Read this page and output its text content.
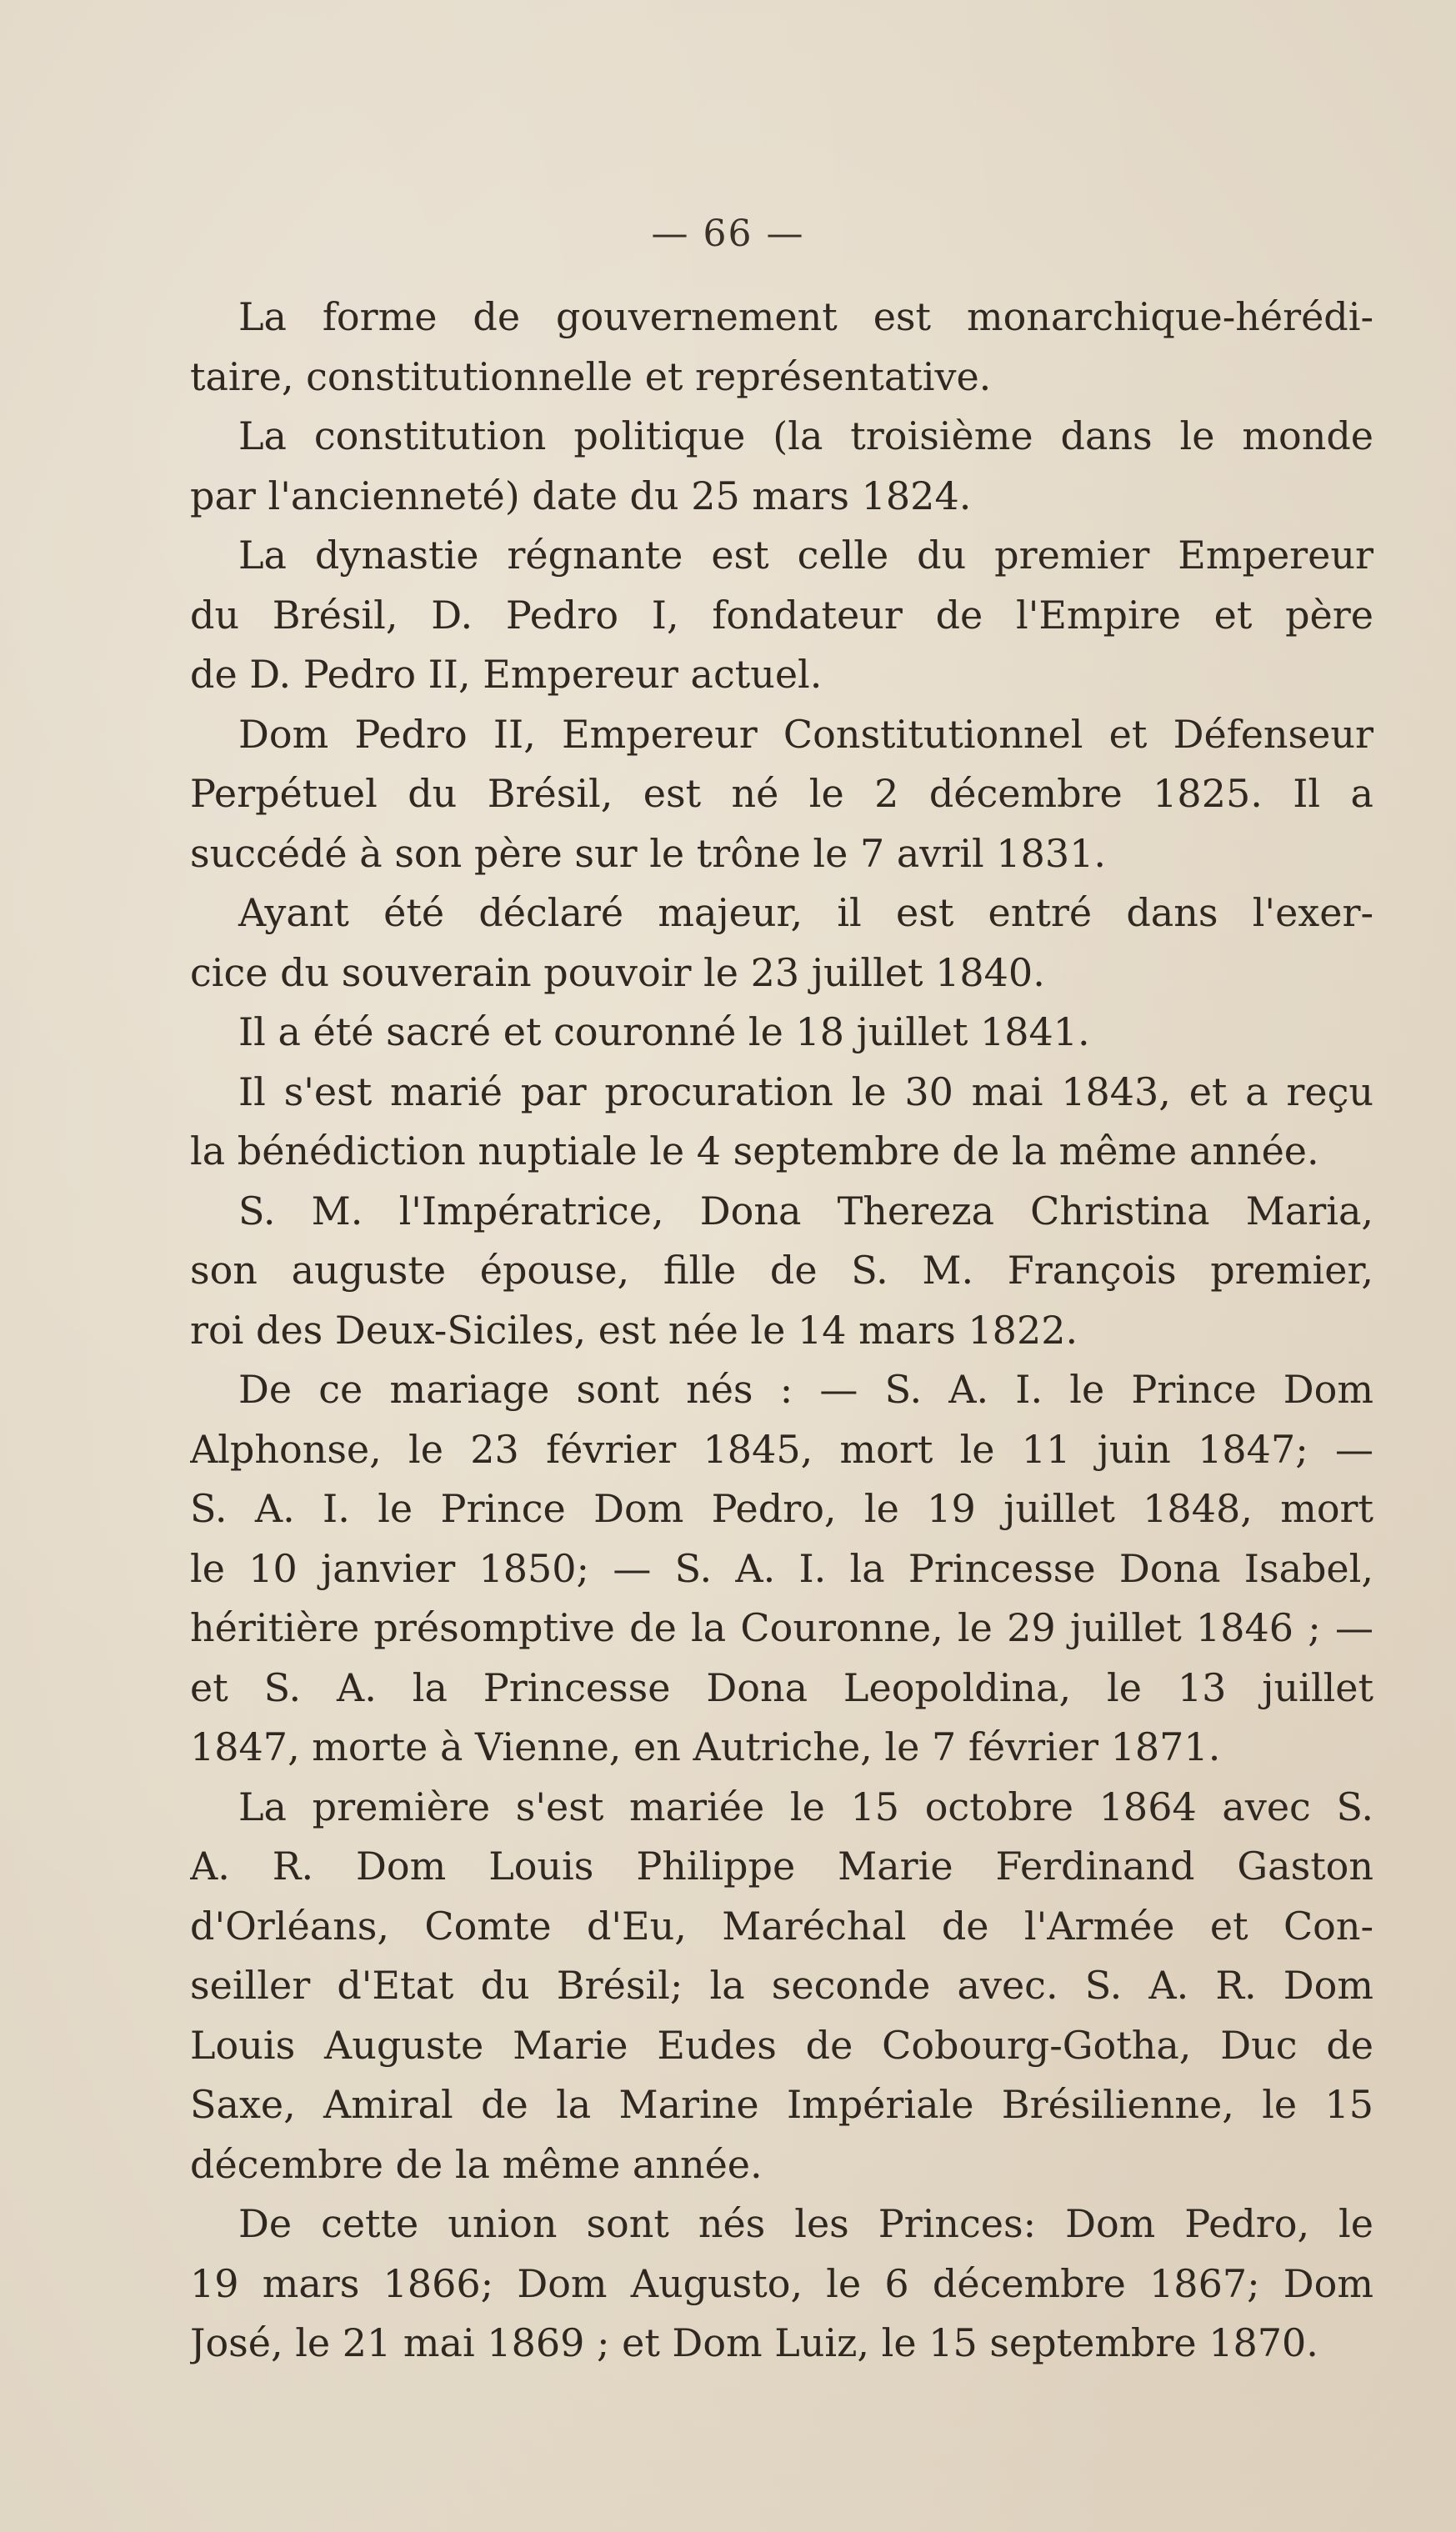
— 66 —
La forme de gouvernement est monarchique-hérédi-
taire, constitutionnelle et représentative.
La constitution politique (la troisième dans le monde
par l'ancienneté) date du 25 mars 1824.
La dynastie régnante est celle du premier Empereur
du Brésil, D. Pedro I, fondateur de l'Empire et père
de D. Pedro II, Empereur actuel.
Dom Pedro II, Empereur Constitutionnel et Défenseur
Perpétuel du Brésil, est né le 2 décembre 1825. Il a
succédé à son père sur le trône le 7 avril 1831.
Ayant été déclaré majeur, il est entré dans l'exer-
cice du souverain pouvoir le 23 juillet 1840.
Il a été sacré et couronné le 18 juillet 1841.
Il s'est marié par procuration le 30 mai 1843, et a reçu
la bénédiction nuptiale le 4 septembre de la même année.
S. M. l'Impératrice, Dona Thereza Christina Maria,
son auguste épouse, fille de S. M. François premier,
roi des Deux-Siciles, est née le 14 mars 1822.
De ce mariage sont nés : — S. A. I. le Prince Dom
Alphonse, le 23 février 1845, mort le 11 juin 1847; —
S. A. I. le Prince Dom Pedro, le 19 juillet 1848, mort
le 10 janvier 1850; — S. A. I. la Princesse Dona Isabel,
héritière présomptive de la Couronne, le 29 juillet 1846 ; —
et S. A. la Princesse Dona Leopoldina, le 13 juillet
1847, morte à Vienne, en Autriche, le 7 février 1871.
La première s'est mariée le 15 octobre 1864 avec S.
A. R. Dom Louis Philippe Marie Ferdinand Gaston
d'Orléans, Comte d'Eu, Maréchal de l'Armée et Con-
seiller d'Etat du Brésil; la seconde avec. S. A. R. Dom
Louis Auguste Marie Eudes de Cobourg-Gotha, Duc de
Saxe, Amiral de la Marine Impériale Brésilienne, le 15
décembre de la même année.
De cette union sont nés les Princes: Dom Pedro, le
19 mars 1866; Dom Augusto, le 6 décembre 1867; Dom
José, le 21 mai 1869 ; et Dom Luiz, le 15 septembre 1870.
